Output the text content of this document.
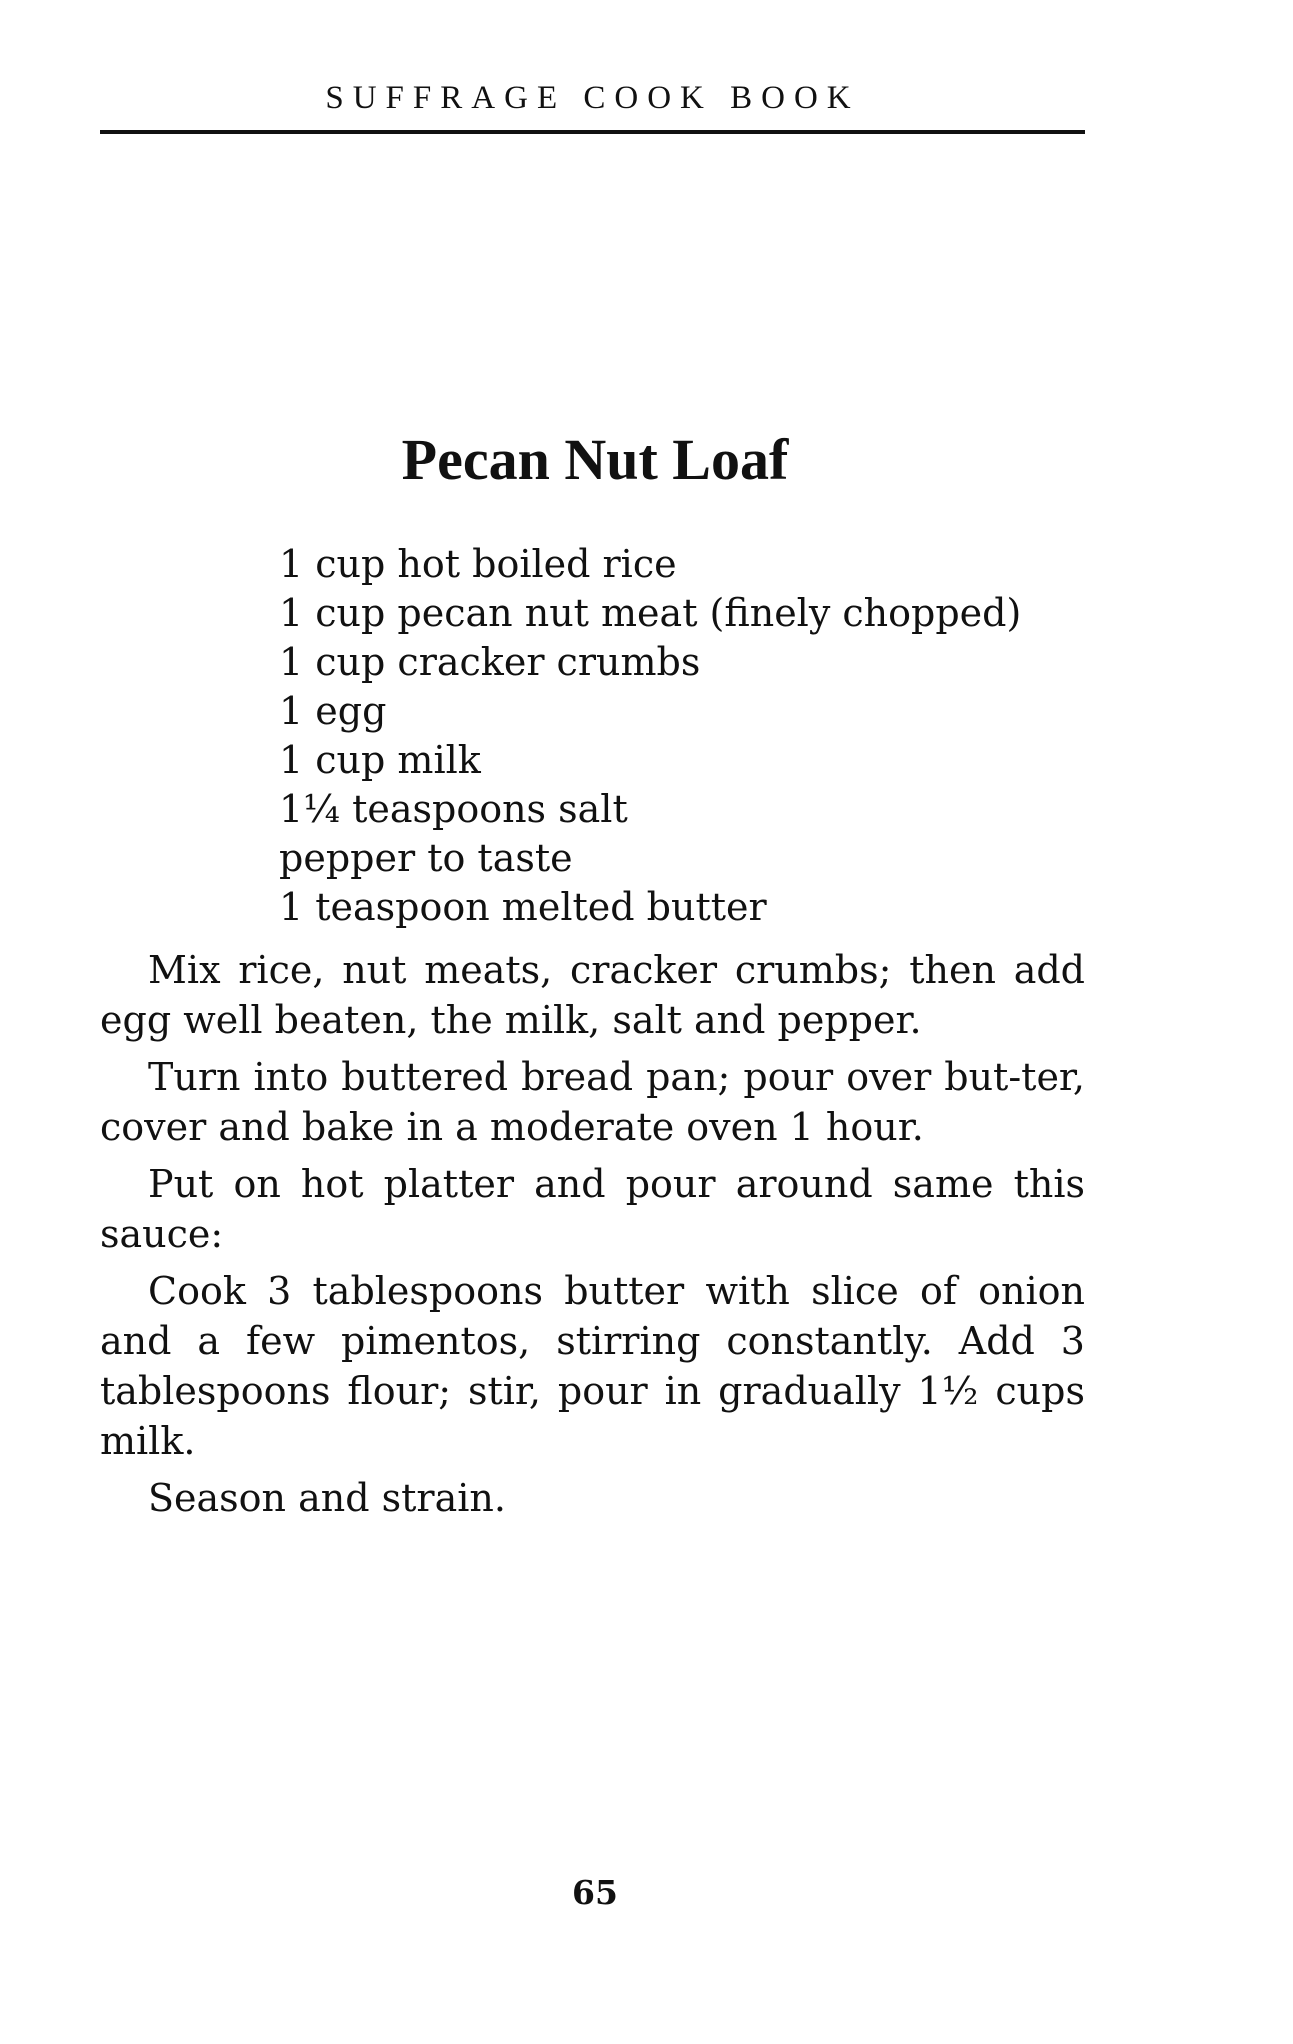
SUFFRAGE COOK BOOK
Pecan Nut Loaf
1 cup hot boiled rice
1 cup pecan nut meat (finely chopped)
1 cup cracker crumbs
1 egg
1 cup milk
1¼ teaspoons salt
pepper to taste
1 teaspoon melted butter

Mix rice, nut meats, cracker crumbs; then add egg well beaten, the milk, salt and pepper.

Turn into buttered bread pan; pour over but-ter, cover and bake in a moderate oven 1 hour.

Put on hot platter and pour around same this sauce:

Cook 3 tablespoons butter with slice of onion and a few pimentos, stirring constantly. Add 3 tablespoons flour; stir, pour in gradually 1½ cups milk.

Season and strain.

65
